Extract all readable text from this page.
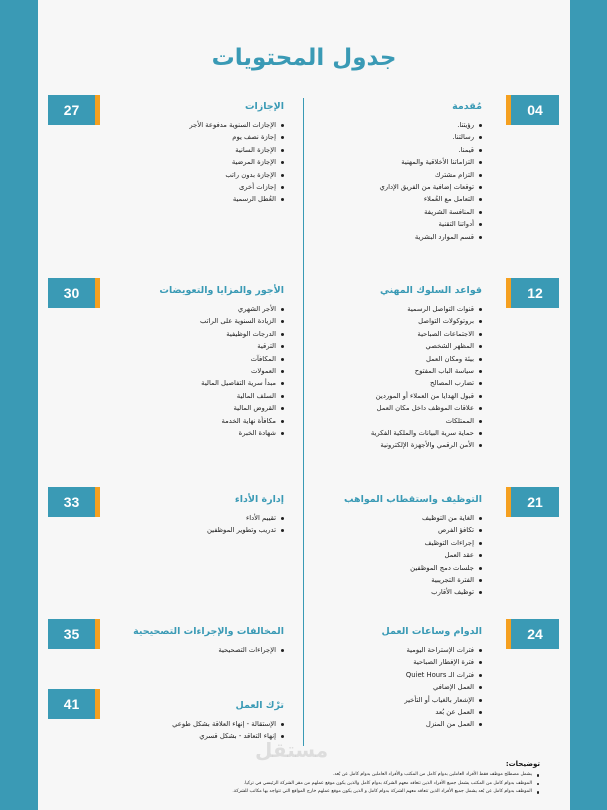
جدول المحتويات
04
مُقدمة
رؤيتنا.
رسالتنا.
قيمنا.
التزاماتنا الأخلاقية والمهنية
التزام مشترك
توقعات إضافية من الفريق الإداري
التعامل مع العُملاء
المنافسة الشريفة
أدواتنا التقنية
قسم الموارد البشرية
12
قواعد السلوك المهني
قنوات التواصل الرسمية
بروتوكولات التواصل
الاجتماعات الصباحية
المظهر الشخصي
بيئة ومكان العمل
سياسة الباب المفتوح
تضارب المصالح
قبول الهدايا من العملاء أو الموردين
علاقات الموظف داخل مكان العمل
الممتلكات
حماية سرية البيانات والملكية الفكرية
الأمن الرقمي والأجهزة الإلكترونية
21
التوظيف واستقطاب المواهب
الغاية من التوظيف
تكافؤ الفرص
إجراءات التوظيف
عقد العمل
جلسات دمج الموظفين
الفترة التجريبية
توظيف الأقارب
24
الدوام وساعات العمل
فترات الإستراحة اليومية
فترة الإفطار الصباحية
فترات الـ Quiet Hours
العمل الإضافي
الإشعار بالغياب أو التأخير
العمل عن بُعد
العمل من المنزل
27	الإجازات
الإجازات السنوية مدفوعة الأجر
إجازة نصف يوم
الإجازة السانية
الإجازة المرضية
الإجازة بدون راتب
إجازات أخرى
العُطل الرسمية
30	الأجور والمزايا والتعويضات
الأجر الشهري
الزيادة السنوية على الراتب
الدرجات الوظيفية
الترقية
المكافآت
العمولات
مبدأ سرية التفاصيل المالية
السلف المالية
القروض المالية
مكافأة نهاية الخدمة
شهادة الخبرة
33	إدارة الأداء
تقييم الأداء
تدريب وتطوير الموظفين
35	المخالفات والإجراءات التصحيحية
الإجراءات التصحيحية
41	ترْك العمل
الإستقالة - إنهاء العلاقة بشكل طوعي
إنهاء التعاقد - بشكل قسري
مستقل
توضيحات:
يشمل مصطلح موظف فقط الأفراد العاملين بدوام كامل من المكتب والأفراد العاملين بدوام كامل عن بُعد.
الموظف بدوام كامل من المكتب يشمل جميع الأفراد الذين تتعاقد معهم الشركة بدوام كامل والذين يكون موقع عملهم من مقر الشركة الرئيسي في تركيا.
الموظف بدوام كامل عن بُعد يشمل جميع الأفراد الذين تتعاقد معهم الشركة بدوام كامل و الذين يكون موقع عملهم خارج المواقع التي تتواجد بها مكاتب للشركة.
